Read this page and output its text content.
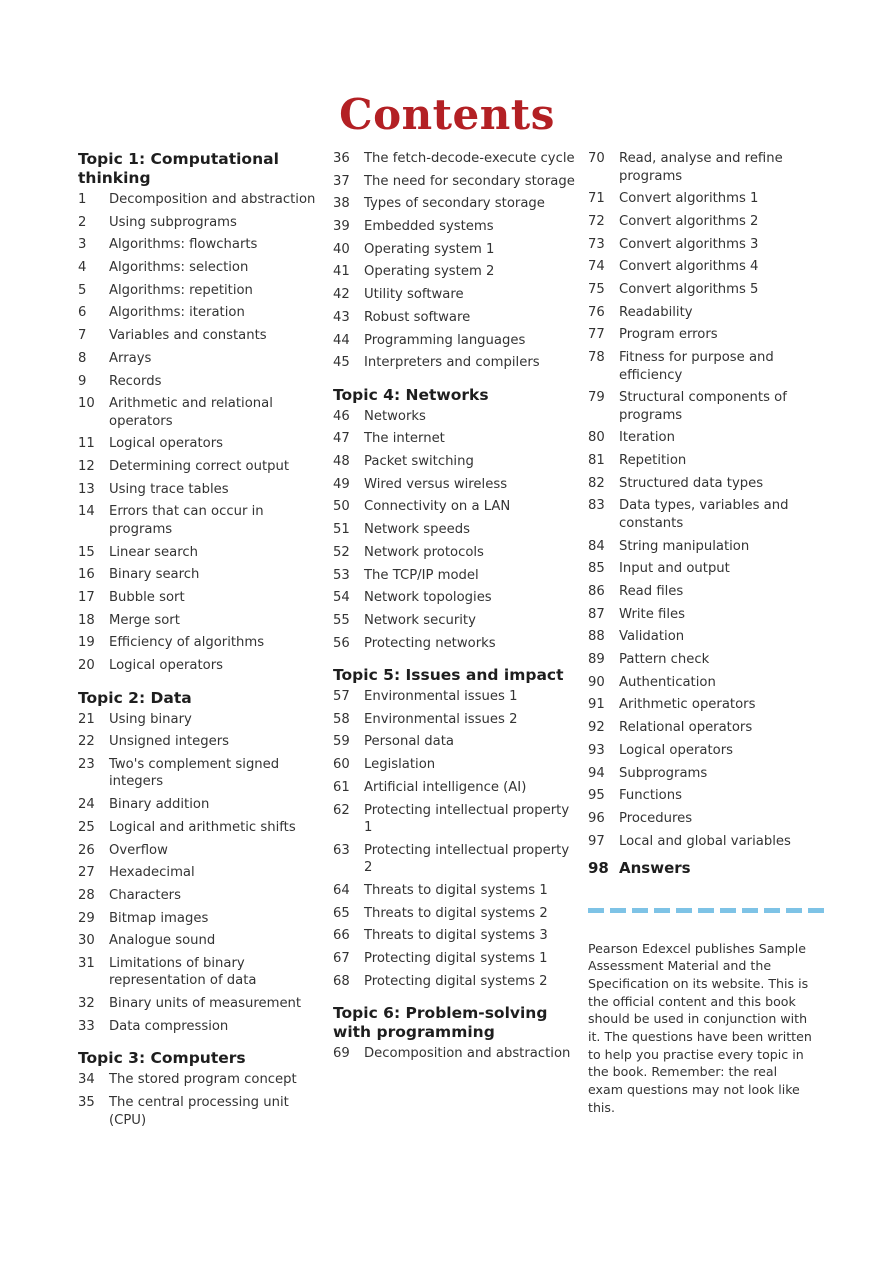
Contents
Topic 1: Computational thinking
1	Decomposition and abstraction
2	Using subprograms
3	Algorithms: flowcharts
4	Algorithms: selection
5	Algorithms: repetition
6	Algorithms: iteration
7	Variables and constants
8	Arrays
9	Records
10	Arithmetic and relational operators
11	Logical operators
12	Determining correct output
13	Using trace tables
14	Errors that can occur in programs
15	Linear search
16	Binary search
17	Bubble sort
18	Merge sort
19	Efficiency of algorithms
20	Logical operators
Topic 2: Data
21	Using binary
22	Unsigned integers
23	Two's complement signed integers
24	Binary addition
25	Logical and arithmetic shifts
26	Overflow
27	Hexadecimal
28	Characters
29	Bitmap images
30	Analogue sound
31	Limitations of binary representation of data
32	Binary units of measurement
33	Data compression
Topic 3: Computers
34	The stored program concept
35	The central processing unit (CPU)
36	The fetch-decode-execute cycle
37	The need for secondary storage
38	Types of secondary storage
39	Embedded systems
40	Operating system 1
41	Operating system 2
42	Utility software
43	Robust software
44	Programming languages
45	Interpreters and compilers
Topic 4: Networks
46	Networks
47	The internet
48	Packet switching
49	Wired versus wireless
50	Connectivity on a LAN
51	Network speeds
52	Network protocols
53	The TCP/IP model
54	Network topologies
55	Network security
56	Protecting networks
Topic 5: Issues and impact
57	Environmental issues 1
58	Environmental issues 2
59	Personal data
60	Legislation
61	Artificial intelligence (AI)
62	Protecting intellectual property 1
63	Protecting intellectual property 2
64	Threats to digital systems 1
65	Threats to digital systems 2
66	Threats to digital systems 3
67	Protecting digital systems 1
68	Protecting digital systems 2
Topic 6: Problem-solving with programming
69	Decomposition and abstraction
70	Read, analyse and refine programs
71	Convert algorithms 1
72	Convert algorithms 2
73	Convert algorithms 3
74	Convert algorithms 4
75	Convert algorithms 5
76	Readability
77	Program errors
78	Fitness for purpose and efficiency
79	Structural components of programs
80	Iteration
81	Repetition
82	Structured data types
83	Data types, variables and constants
84	String manipulation
85	Input and output
86	Read files
87	Write files
88	Validation
89	Pattern check
90	Authentication
91	Arithmetic operators
92	Relational operators
93	Logical operators
94	Subprograms
95	Functions
96	Procedures
97	Local and global variables
98 Answers
Pearson Edexcel publishes Sample Assessment Material and the Specification on its website. This is the official content and this book should be used in conjunction with it. The questions have been written to help you practise every topic in the book. Remember: the real exam questions may not look like this.
